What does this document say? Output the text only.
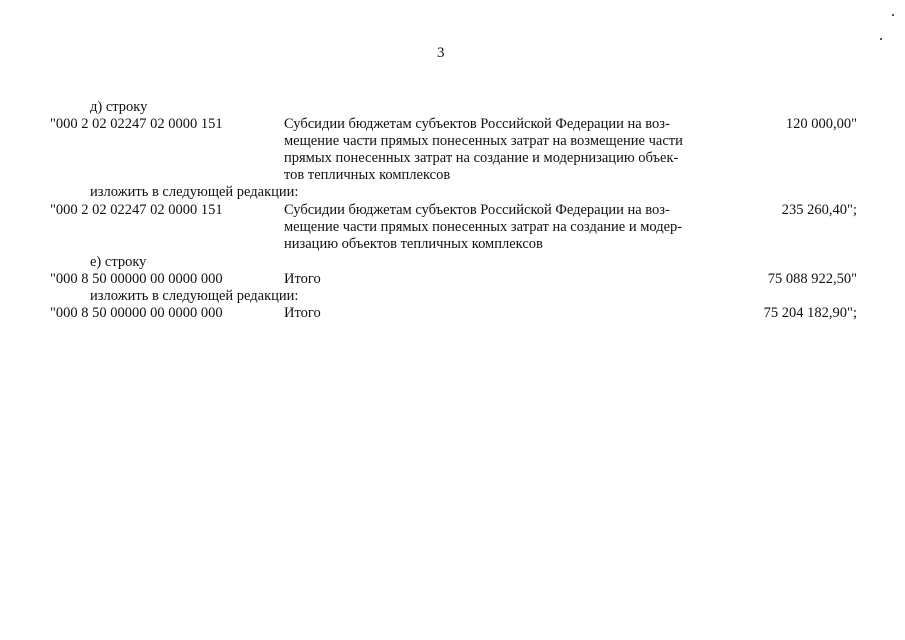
3
д) строку
"000 2 02 02247 02 0000 151	Субсидии бюджетам субъектов Российской Федерации на воз-	120 000,00"
мещение части прямых понесенных затрат на возмещение части
прямых понесенных затрат на создание и модернизацию объек-
тов тепличных комплексов
изложить в следующей редакции:
"000 2 02 02247 02 0000 151	Субсидии бюджетам субъектов Российской Федерации на воз-	235 260,40";
мещение части прямых понесенных затрат на создание и модер-
низацию объектов тепличных комплексов
е) строку
"000 8 50 00000 00 0000 000	Итого	75 088 922,50"
изложить в следующей редакции:
"000 8 50 00000 00 0000 000	Итого	75 204 182,90";
